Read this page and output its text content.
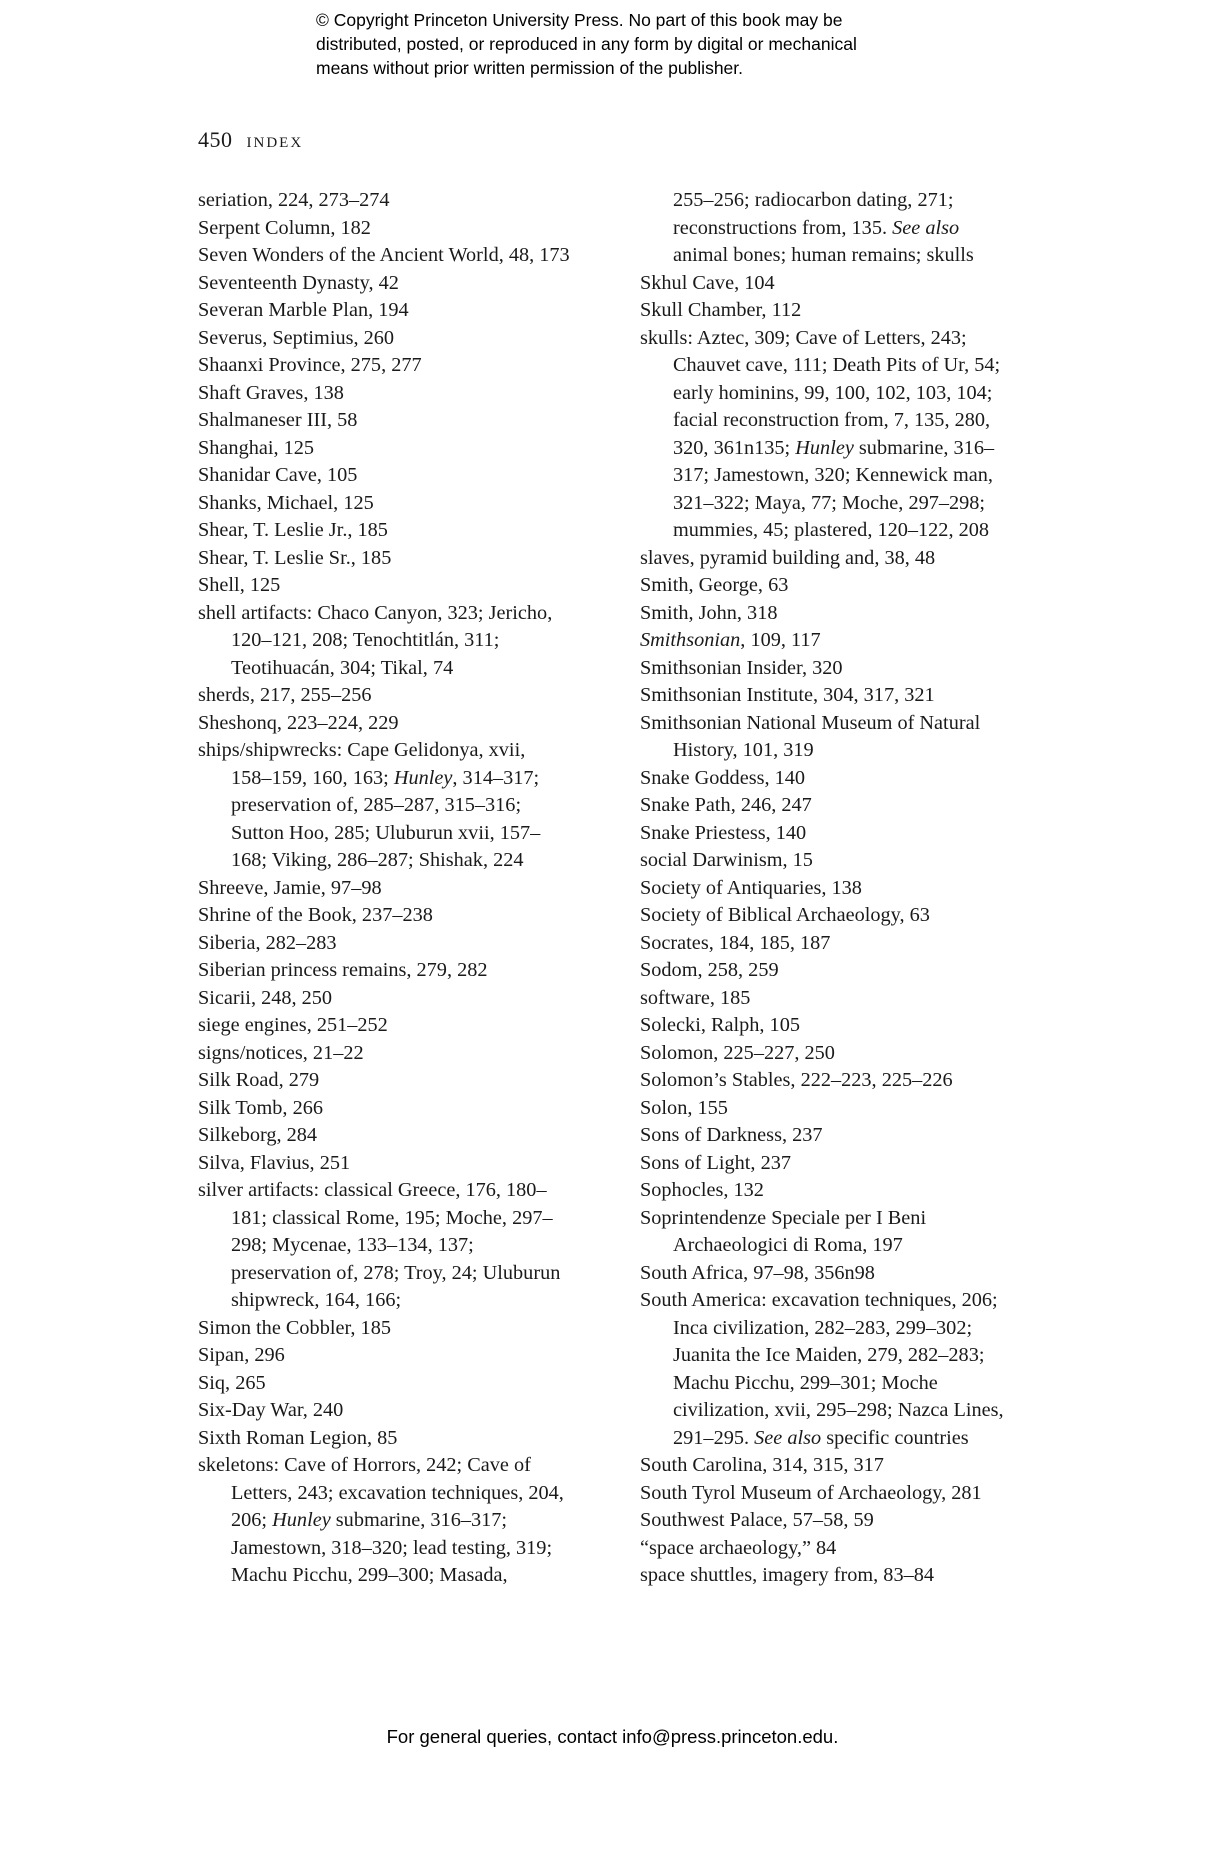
© Copyright Princeton University Press. No part of this book may be
distributed, posted, or reproduced in any form by digital or mechanical
means without prior written permission of the publisher.
450 index
seriation, 224, 273–274
Serpent Column, 182
Seven Wonders of the Ancient World, 48, 173
Seventeenth Dynasty, 42
Severan Marble Plan, 194
Severus, Septimius, 260
Shaanxi Province, 275, 277
Shaft Graves, 138
Shalmaneser III, 58
Shanghai, 125
Shanidar Cave, 105
Shanks, Michael, 125
Shear, T. Leslie Jr., 185
Shear, T. Leslie Sr., 185
Shell, 125
shell artifacts: Chaco Canyon, 323; Jericho,
120–121, 208; Tenochtitlán, 311;
Teotihuacán, 304; Tikal, 74
sherds, 217, 255–256
Sheshonq, 223–224, 229
ships/shipwrecks: Cape Gelidonya, xvii,
158–159, 160, 163; Hunley, 314–317;
preservation of, 285–287, 315–316;
Sutton Hoo, 285; Uluburun xvii, 157–
168; Viking, 286–287; Shishak, 224
Shreeve, Jamie, 97–98
Shrine of the Book, 237–238
Siberia, 282–283
Siberian princess remains, 279, 282
Sicarii, 248, 250
siege engines, 251–252
signs/notices, 21–22
Silk Road, 279
Silk Tomb, 266
Silkeborg, 284
Silva, Flavius, 251
silver artifacts: classical Greece, 176, 180–
181; classical Rome, 195; Moche, 297–
298; Mycenae, 133–134, 137;
preservation of, 278; Troy, 24; Uluburun
shipwreck, 164, 166;
Simon the Cobbler, 185
Sipan, 296
Siq, 265
Six-Day War, 240
Sixth Roman Legion, 85
skeletons: Cave of Horrors, 242; Cave of
Letters, 243; excavation techniques, 204,
206; Hunley submarine, 316–317;
Jamestown, 318–320; lead testing, 319;
Machu Picchu, 299–300; Masada,
255–256; radiocarbon dating, 271;
reconstructions from, 135. See also
animal bones; human remains; skulls
Skhul Cave, 104
Skull Chamber, 112
skulls: Aztec, 309; Cave of Letters, 243;
Chauvet cave, 111; Death Pits of Ur, 54;
early hominins, 99, 100, 102, 103, 104;
facial reconstruction from, 7, 135, 280,
320, 361n135; Hunley submarine, 316–
317; Jamestown, 320; Kennewick man,
321–322; Maya, 77; Moche, 297–298;
mummies, 45; plastered, 120–122, 208
slaves, pyramid building and, 38, 48
Smith, George, 63
Smith, John, 318
Smithsonian, 109, 117
Smithsonian Insider, 320
Smithsonian Institute, 304, 317, 321
Smithsonian National Museum of Natural
History, 101, 319
Snake Goddess, 140
Snake Path, 246, 247
Snake Priestess, 140
social Darwinism, 15
Society of Antiquaries, 138
Society of Biblical Archaeology, 63
Socrates, 184, 185, 187
Sodom, 258, 259
software, 185
Solecki, Ralph, 105
Solomon, 225–227, 250
Solomon’s Stables, 222–223, 225–226
Solon, 155
Sons of Darkness, 237
Sons of Light, 237
Sophocles, 132
Soprintendenze Speciale per I Beni
Archaeologici di Roma, 197
South Africa, 97–98, 356n98
South America: excavation techniques, 206;
Inca civilization, 282–283, 299–302;
Juanita the Ice Maiden, 279, 282–283;
Machu Picchu, 299–301; Moche
civilization, xvii, 295–298; Nazca Lines,
291–295. See also specific countries
South Carolina, 314, 315, 317
South Tyrol Museum of Archaeology, 281
Southwest Palace, 57–58, 59
“space archaeology,” 84
space shuttles, imagery from, 83–84
For general queries, contact info@press.princeton.edu.
